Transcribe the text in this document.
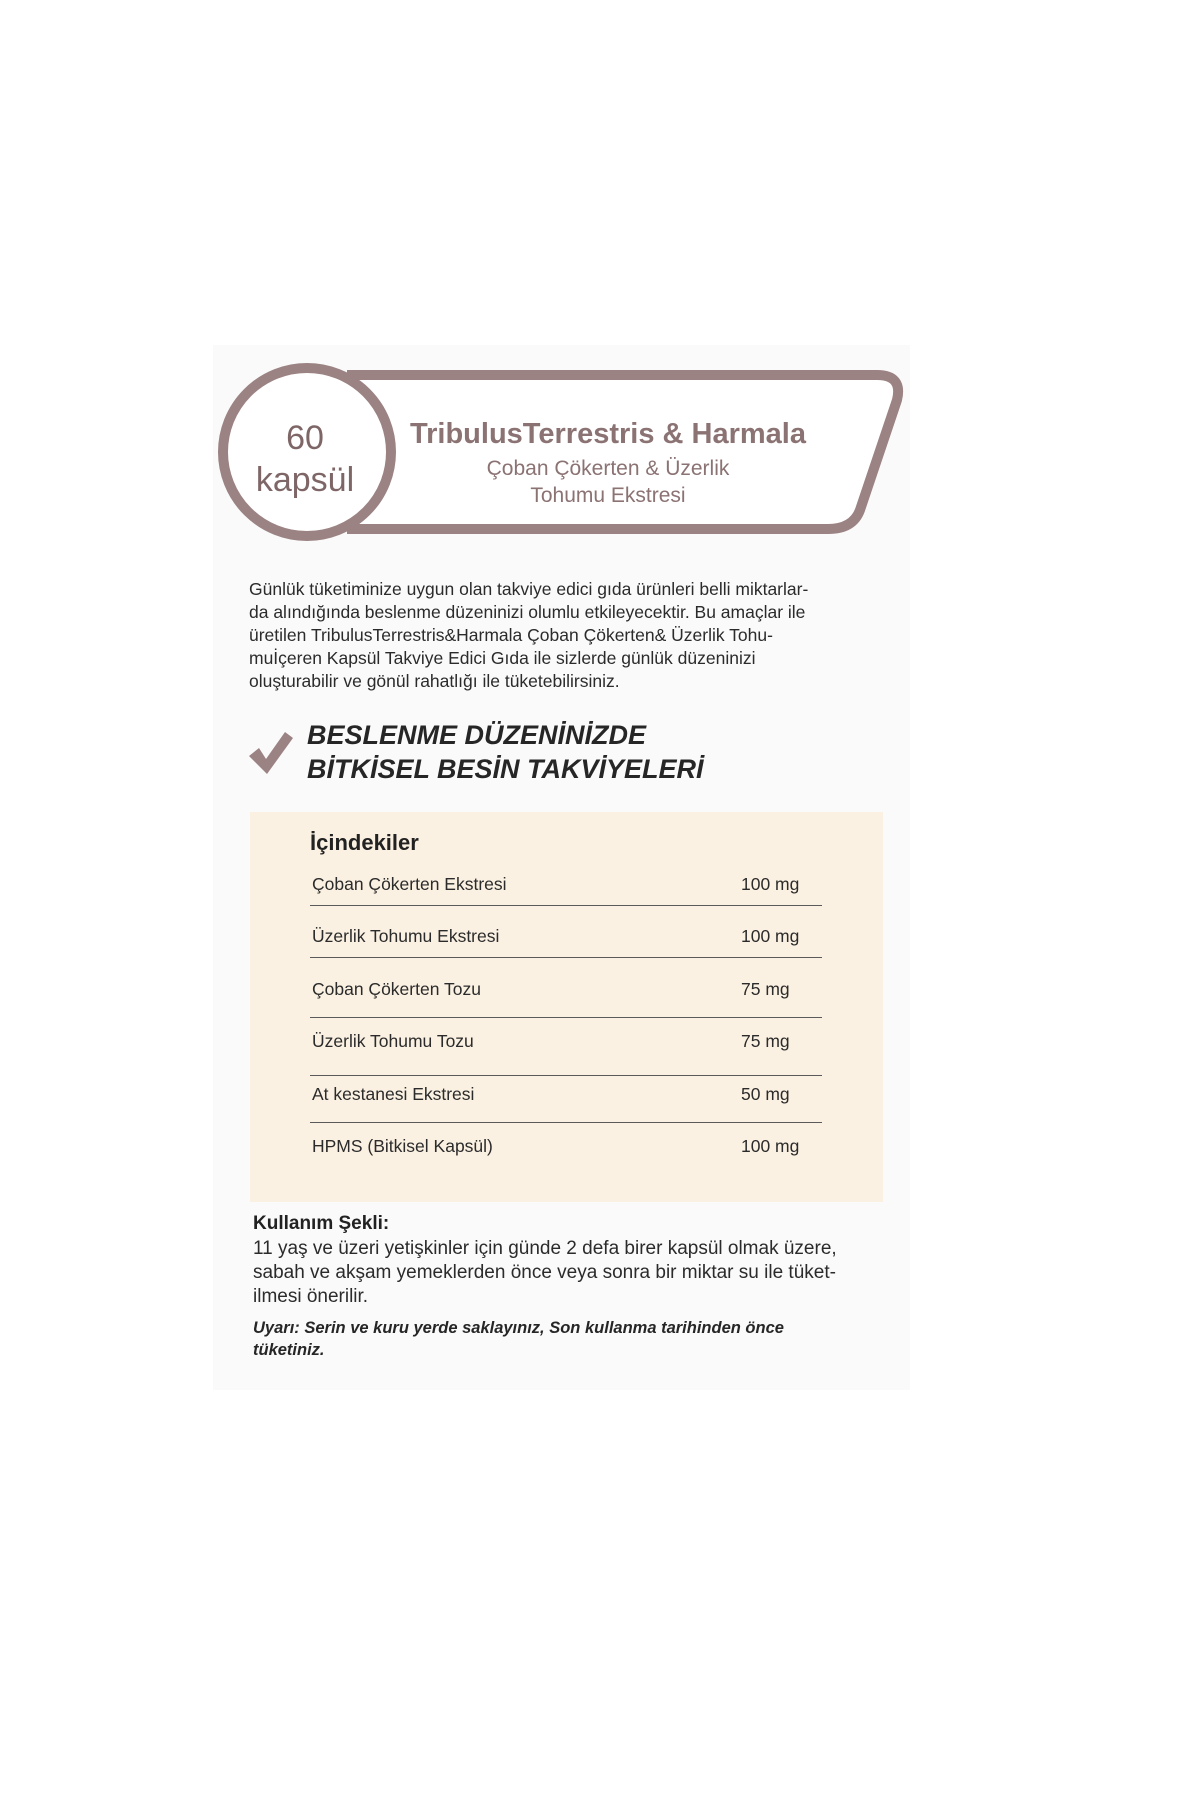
60
kapsül
TribulusTerrestris & Harmala
Çoban Çökerten & Üzerlik
Tohumu Ekstresi

Günlük tüketiminize uygun olan takviye edici gıda ürünleri belli miktarlar-
da alındığında beslenme düzeninizi olumlu etkileyecektir. Bu amaçlar ile
üretilen TribulusTerrestris&Harmala Çoban Çökerten& Üzerlik Tohu-
muİçeren Kapsül Takviye Edici Gıda ile sizlerde günlük düzeninizi
oluşturabilir ve gönül rahatlığı ile tüketebilirsiniz.

BESLENME DÜZENİNİZDE
BİTKİSEL BESİN TAKVİYELERİ
İçindekiler
Çoban Çökerten Ekstresi	100 mg
Üzerlik Tohumu Ekstresi	100 mg
Çoban Çökerten Tozu	75 mg
Üzerlik Tohumu Tozu	75 mg
At kestanesi Ekstresi	50 mg
HPMS (Bitkisel Kapsül)	100 mg
Kullanım Şekli:

11 yaş ve üzeri yetişkinler için günde 2 defa birer kapsül olmak üzere,
sabah ve akşam yemeklerden önce veya sonra bir miktar su ile tüket-
ilmesi önerilir.

Uyarı: Serin ve kuru yerde saklayınız, Son kullanma tarihinden önce
tüketiniz.
